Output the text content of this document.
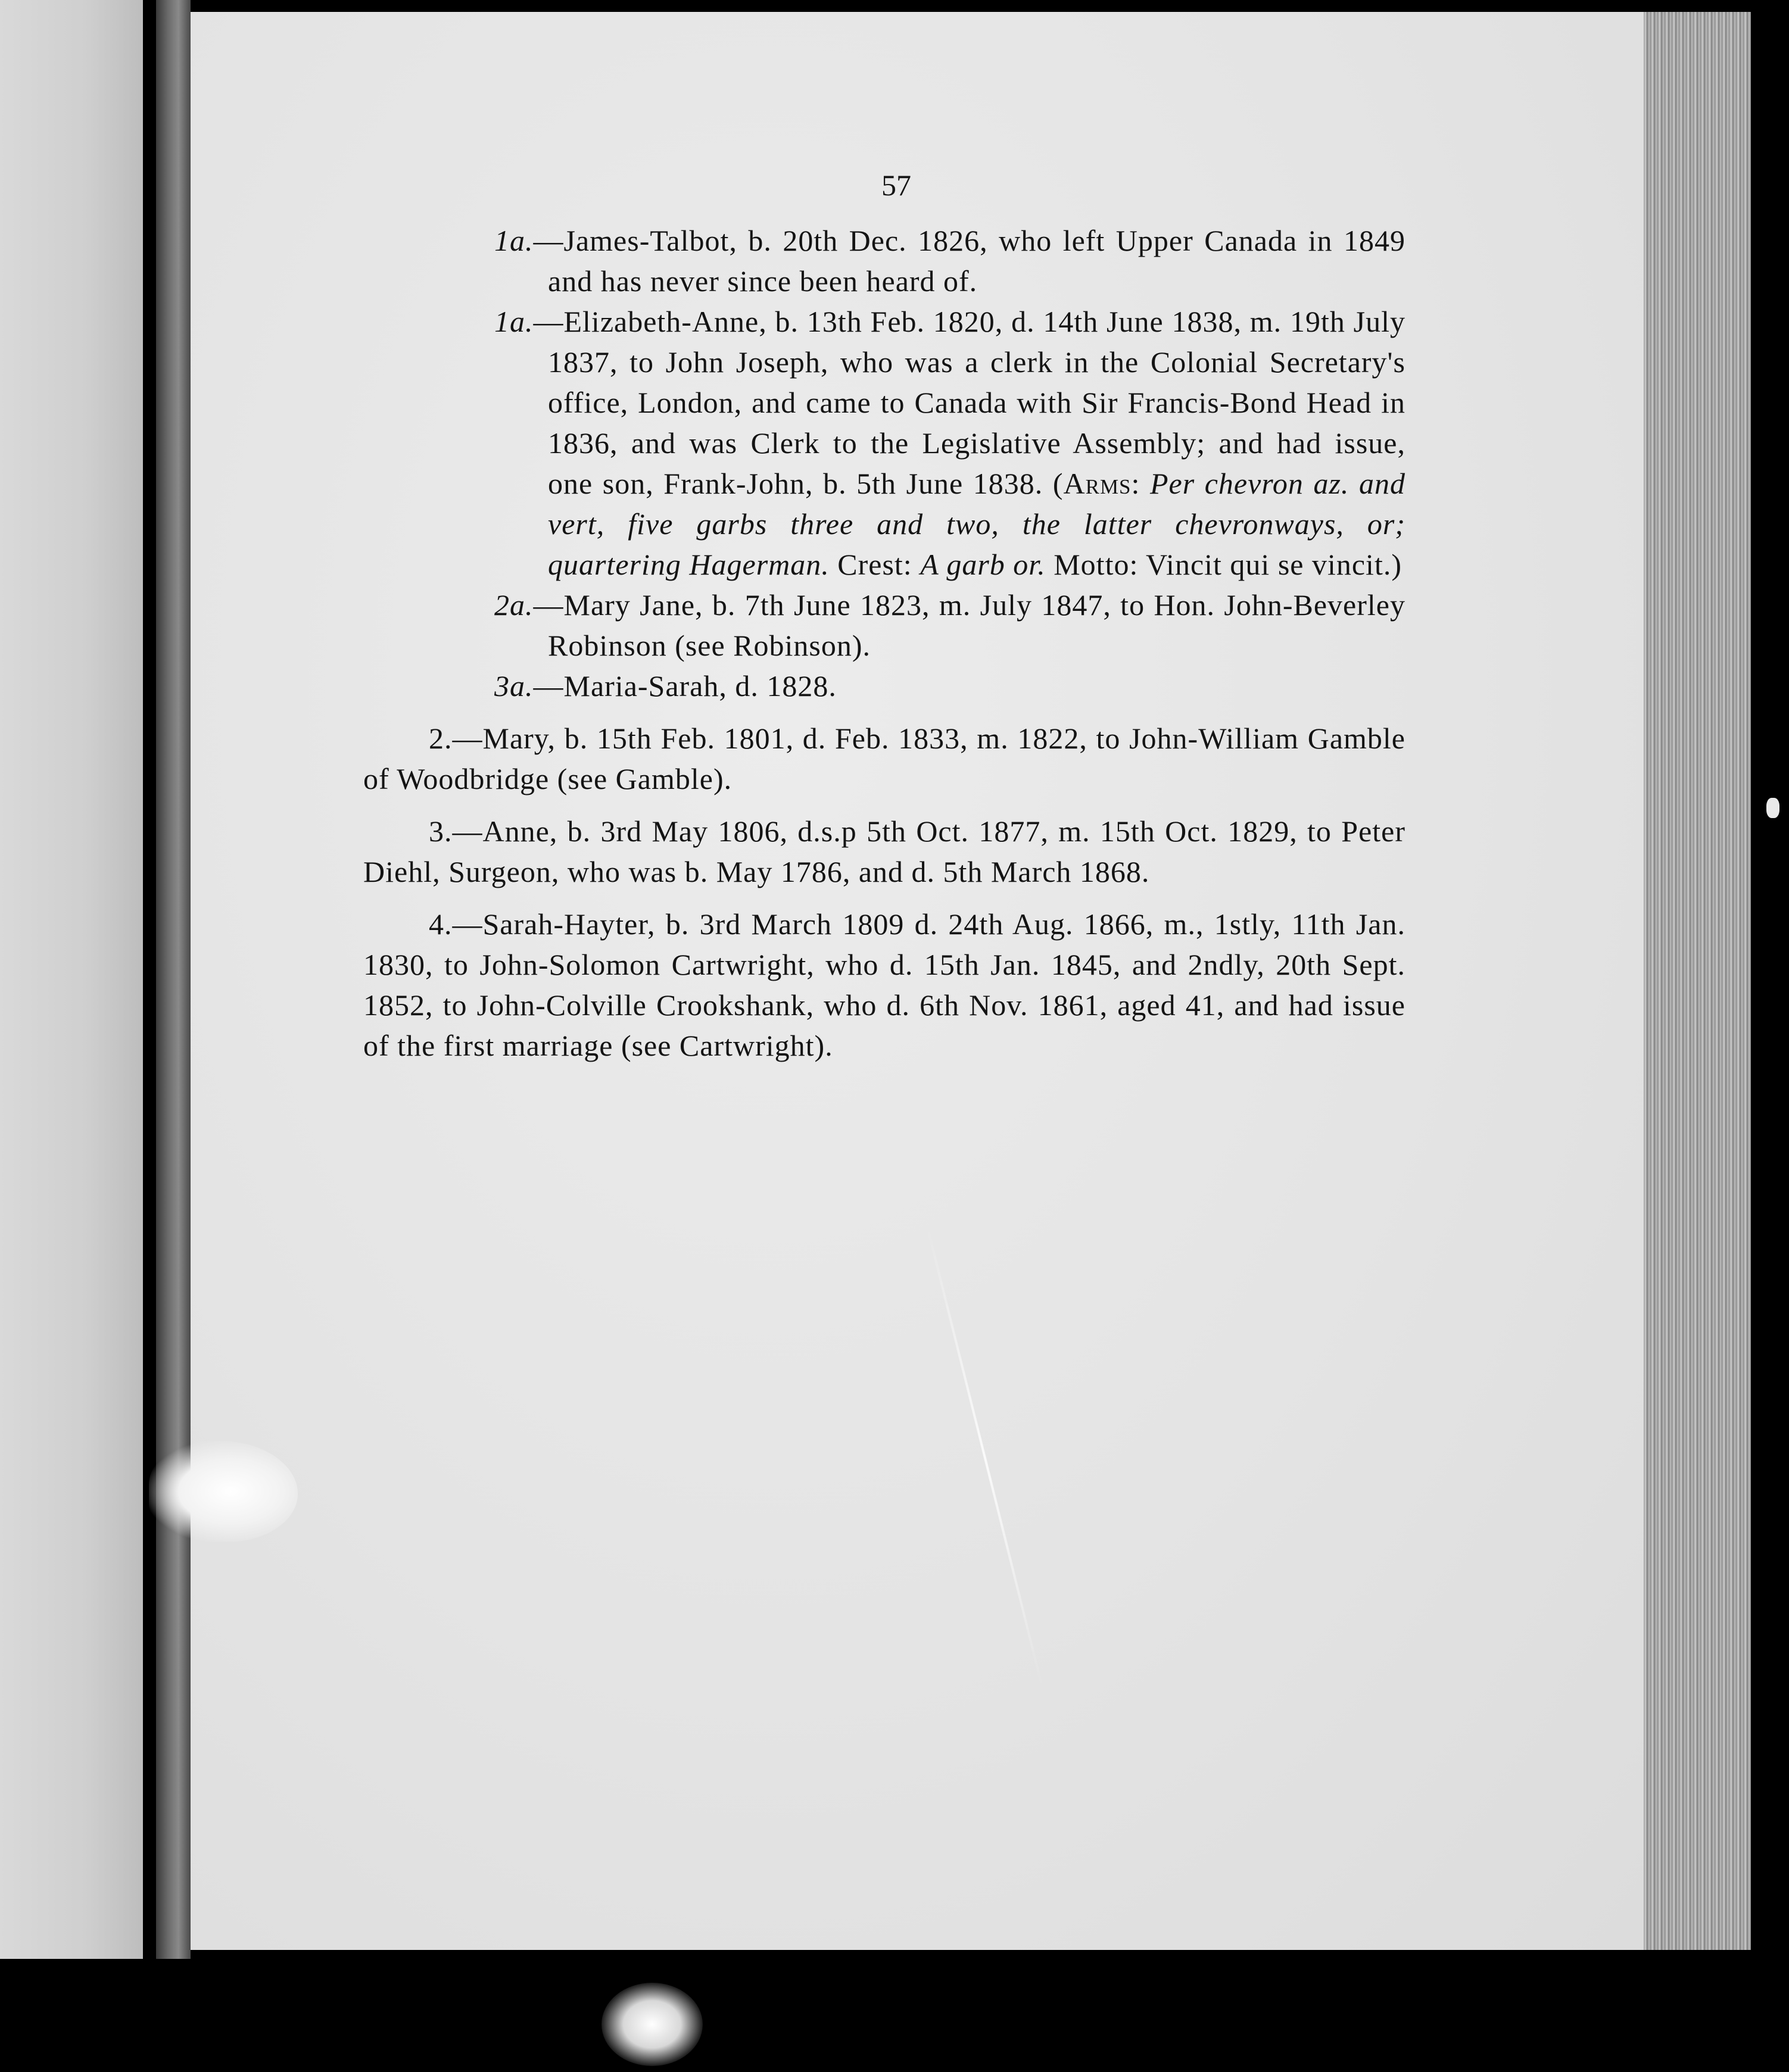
57

1a.—James-Talbot, b. 20th Dec. 1826, who left Upper Canada in 1849 and has never since been heard of.

1a.—Elizabeth-Anne, b. 13th Feb. 1820, d. 14th June 1838, m. 19th July 1837, to John Joseph, who was a clerk in the Colonial Secretary's office, London, and came to Canada with Sir Francis-Bond Head in 1836, and was Clerk to the Legislative Assembly; and had issue, one son, Frank-John, b. 5th June 1838. (Arms: Per chevron az. and vert, five garbs three and two, the latter chevronways, or; quartering Hagerman. Crest: A garb or. Motto: Vincit qui se vincit.)

2a.—Mary Jane, b. 7th June 1823, m. July 1847, to Hon. John-Beverley Robinson (see Robinson).

3a.—Maria-Sarah, d. 1828.

2.—Mary, b. 15th Feb. 1801, d. Feb. 1833, m. 1822, to John-William Gamble of Woodbridge (see Gamble).

3.—Anne, b. 3rd May 1806, d.s.p 5th Oct. 1877, m. 15th Oct. 1829, to Peter Diehl, Surgeon, who was b. May 1786, and d. 5th March 1868.

4.—Sarah-Hayter, b. 3rd March 1809 d. 24th Aug. 1866, m., 1stly, 11th Jan. 1830, to John-Solomon Cartwright, who d. 15th Jan. 1845, and 2ndly, 20th Sept. 1852, to John-Colville Crookshank, who d. 6th Nov. 1861, aged 41, and had issue of the first marriage (see Cartwright).
